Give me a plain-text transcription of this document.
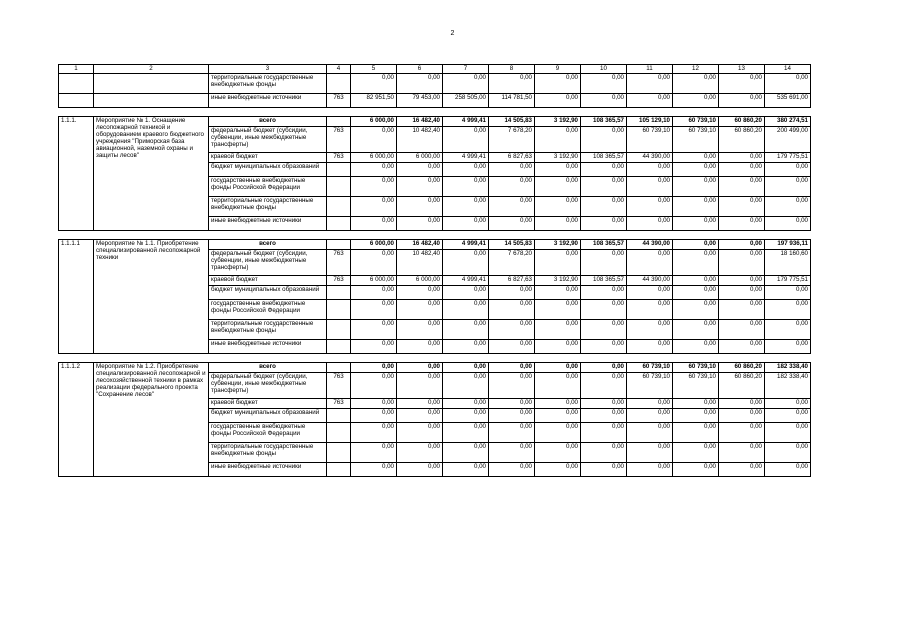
2
1	2	3	4	5	6	7	8	9	10	11	12	13	14
		территориальные государственные внебюджетные фонды		0,00	0,00	0,00	0,00	0,00	0,00	0,00	0,00	0,00	0,00
		иные внебюджетные источники	763	82 951,50	79 453,00	258 505,00	114 781,50	0,00	0,00	0,00	0,00	0,00	535 691,00

1.1.1.	Мероприятие № 1. Оснащение лесопожарной техникой и оборудованием краевого бюджетного учреждения "Приморская база авиационной, наземной охраны и защиты лесов"	всего		6 000,00	16 482,40	4 999,41	14 505,83	3 192,90	108 365,57	105 129,10	60 739,10	60 860,20	380 274,51
		федеральный бюджет (субсидии, субвенции, иные межбюджетные трансферты)	763	0,00	10 482,40	0,00	7 678,20	0,00	0,00	60 739,10	60 739,10	60 860,20	200 499,00
		краевой бюджет	763	6 000,00	6 000,00	4 999,41	6 827,63	3 192,90	108 365,57	44 390,00	0,00	0,00	179 775,51
		бюджет муниципальных образований		0,00	0,00	0,00	0,00	0,00	0,00	0,00	0,00	0,00	0,00
		государственные внебюджетные фонды Российской Федерации		0,00	0,00	0,00	0,00	0,00	0,00	0,00	0,00	0,00	0,00
		территориальные государственные внебюджетные фонды		0,00	0,00	0,00	0,00	0,00	0,00	0,00	0,00	0,00	0,00
		иные внебюджетные источники		0,00	0,00	0,00	0,00	0,00	0,00	0,00	0,00	0,00	0,00

1.1.1.1	Мероприятие № 1.1. Приобретение специализированной лесопожарной техники	всего		6 000,00	16 482,40	4 999,41	14 505,83	3 192,90	108 365,57	44 390,00	0,00	0,00	197 936,11
		федеральный бюджет (субсидии, субвенции, иные межбюджетные трансферты)	763	0,00	10 482,40	0,00	7 678,20	0,00	0,00	0,00	0,00	0,00	18 160,60
		краевой бюджет	763	6 000,00	6 000,00	4 999,41	6 827,63	3 192,90	108 365,57	44 390,00	0,00	0,00	179 775,51
		бюджет муниципальных образований		0,00	0,00	0,00	0,00	0,00	0,00	0,00	0,00	0,00	0,00
		государственные внебюджетные фонды Российской Федерации		0,00	0,00	0,00	0,00	0,00	0,00	0,00	0,00	0,00	0,00
		территориальные государственные внебюджетные фонды		0,00	0,00	0,00	0,00	0,00	0,00	0,00	0,00	0,00	0,00
		иные внебюджетные источники		0,00	0,00	0,00	0,00	0,00	0,00	0,00	0,00	0,00	0,00

1.1.1.2	Мероприятие № 1.2. Приобретение специализированной лесопожарной и лесохозяйственной техники в рамках реализации федерального проекта "Сохранение лесов"	всего		0,00	0,00	0,00	0,00	0,00	0,00	60 739,10	60 739,10	60 860,20	182 338,40
		федеральный бюджет (субсидии, субвенции, иные межбюджетные трансферты)	763	0,00	0,00	0,00	0,00	0,00	0,00	60 739,10	60 739,10	60 860,20	182 338,40
		краевой бюджет	763	0,00	0,00	0,00	0,00	0,00	0,00	0,00	0,00	0,00	0,00
		бюджет муниципальных образований		0,00	0,00	0,00	0,00	0,00	0,00	0,00	0,00	0,00	0,00
		государственные внебюджетные фонды Российской Федерации		0,00	0,00	0,00	0,00	0,00	0,00	0,00	0,00	0,00	0,00
		территориальные государственные внебюджетные фонды		0,00	0,00	0,00	0,00	0,00	0,00	0,00	0,00	0,00	0,00
		иные внебюджетные источники		0,00	0,00	0,00	0,00	0,00	0,00	0,00	0,00	0,00	0,00
